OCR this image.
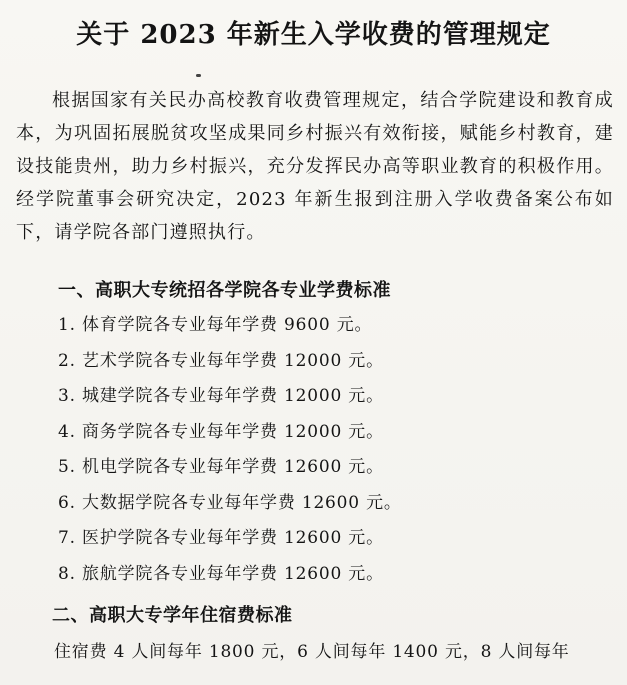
关于 2023 年新生入学收费的管理规定

根据国家有关民办高校教育收费管理规定，结合学院建设和教育成本，为巩固拓展脱贫攻坚成果同乡村振兴有效衔接，赋能乡村教育，建设技能贵州，助力乡村振兴，充分发挥民办高等职业教育的积极作用。经学院董事会研究决定，2023 年新生报到注册入学收费备案公布如下，请学院各部门遵照执行。

一、高职大专统招各学院各专业学费标准
1. 体育学院各专业每年学费 9600 元。
2. 艺术学院各专业每年学费 12000 元。
3. 城建学院各专业每年学费 12000 元。
4. 商务学院各专业每年学费 12000 元。
5. 机电学院各专业每年学费 12600 元。
6. 大数据学院各专业每年学费 12600 元。
7. 医护学院各专业每年学费 12600 元。
8. 旅航学院各专业每年学费 12600 元。
二、高职大专学年住宿费标准
住宿费 4 人间每年 1800 元，6 人间每年 1400 元，8 人间每年
